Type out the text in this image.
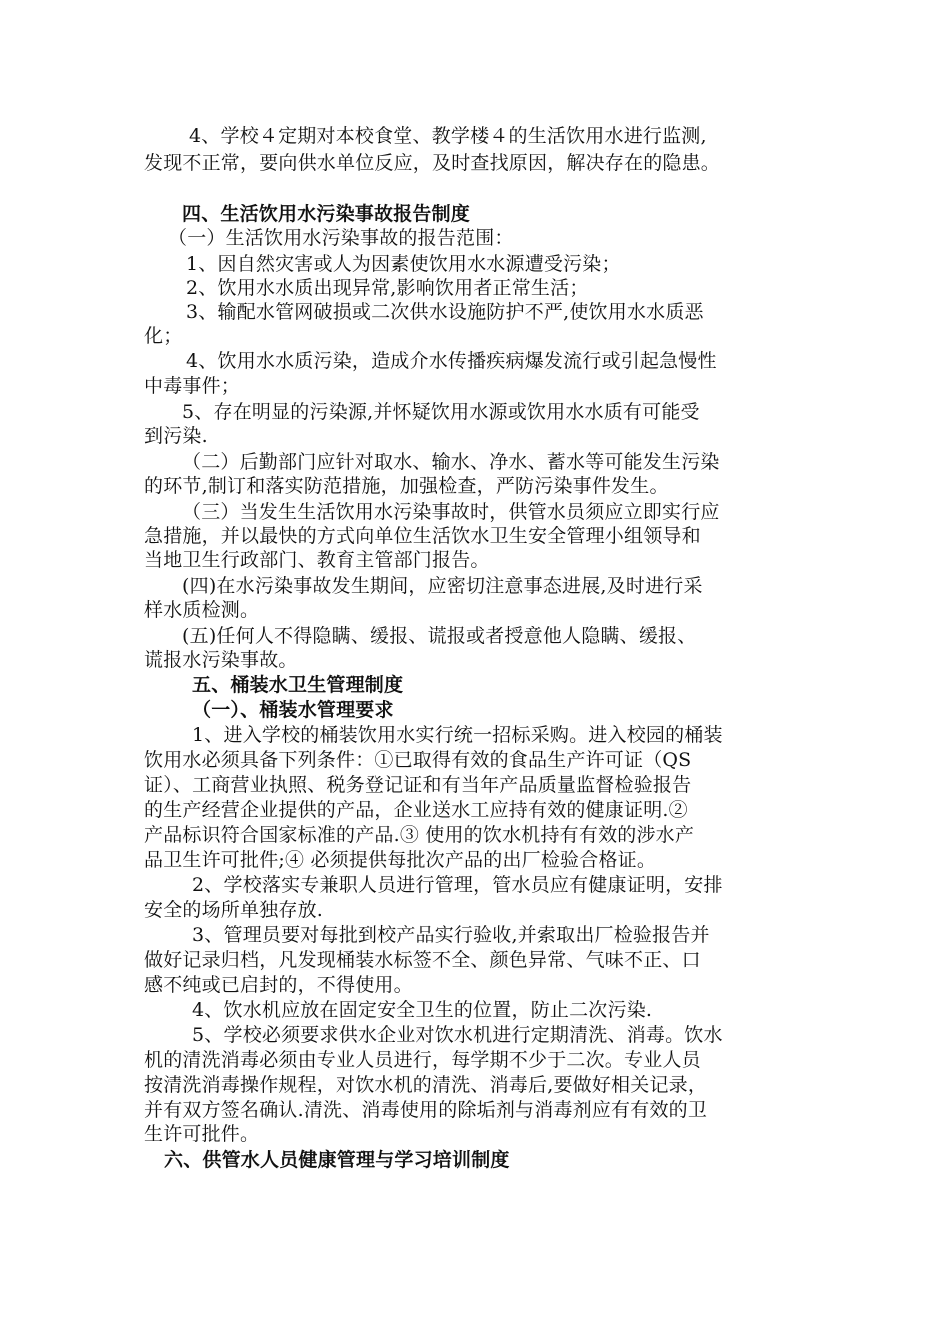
4、学校４定期对本校食堂、教学楼４的生活饮用水进行监测,
发现不正常，要向供水单位反应，及时查找原因，解决存在的隐患。
四、生活饮用水污染事故报告制度
（一）生活饮用水污染事故的报告范围：
1、因自然灾害或人为因素使饮用水水源遭受污染；
2、饮用水水质出现异常,影响饮用者正常生活；
3、输配水管网破损或二次供水设施防护不严,使饮用水水质恶
化；
4、饮用水水质污染，造成介水传播疾病爆发流行或引起急慢性
中毒事件；
5、存在明显的污染源,并怀疑饮用水源或饮用水水质有可能受
到污染.
（二）后勤部门应针对取水、输水、净水、蓄水等可能发生污染
的环节,制订和落实防范措施，加强检查，严防污染事件发生。
（三）当发生生活饮用水污染事故时，供管水员须应立即实行应
急措施，并以最快的方式向单位生活饮水卫生安全管理小组领导和
当地卫生行政部门、教育主管部门报告。
(四)在水污染事故发生期间，应密切注意事态进展,及时进行采
样水质检测。
(五)任何人不得隐瞒、缓报、谎报或者授意他人隐瞒、缓报、
谎报水污染事故。
五、桶装水卫生管理制度
（一）、桶装水管理要求
1、进入学校的桶装饮用水实行统一招标采购。进入校园的桶装
饮用水必须具备下列条件：①已取得有效的食品生产许可证（QS
证）、工商营业执照、税务登记证和有当年产品质量监督检验报告
的生产经营企业提供的产品，企业送水工应持有效的健康证明.②
产品标识符合国家标准的产品.③ 使用的饮水机持有有效的涉水产
品卫生许可批件;④ 必须提供每批次产品的出厂检验合格证。
2、学校落实专兼职人员进行管理，管水员应有健康证明，安排
安全的场所单独存放.
3、管理员要对每批到校产品实行验收,并索取出厂检验报告并
做好记录归档，凡发现桶装水标签不全、颜色异常、气味不正、口
感不纯或已启封的，不得使用。
4、饮水机应放在固定安全卫生的位置，防止二次污染.
5、学校必须要求供水企业对饮水机进行定期清洗、消毒。饮水
机的清洗消毒必须由专业人员进行，每学期不少于二次。专业人员
按清洗消毒操作规程，对饮水机的清洗、消毒后,要做好相关记录，
并有双方签名确认.清洗、消毒使用的除垢剂与消毒剂应有有效的卫
生许可批件。
六、供管水人员健康管理与学习培训制度
